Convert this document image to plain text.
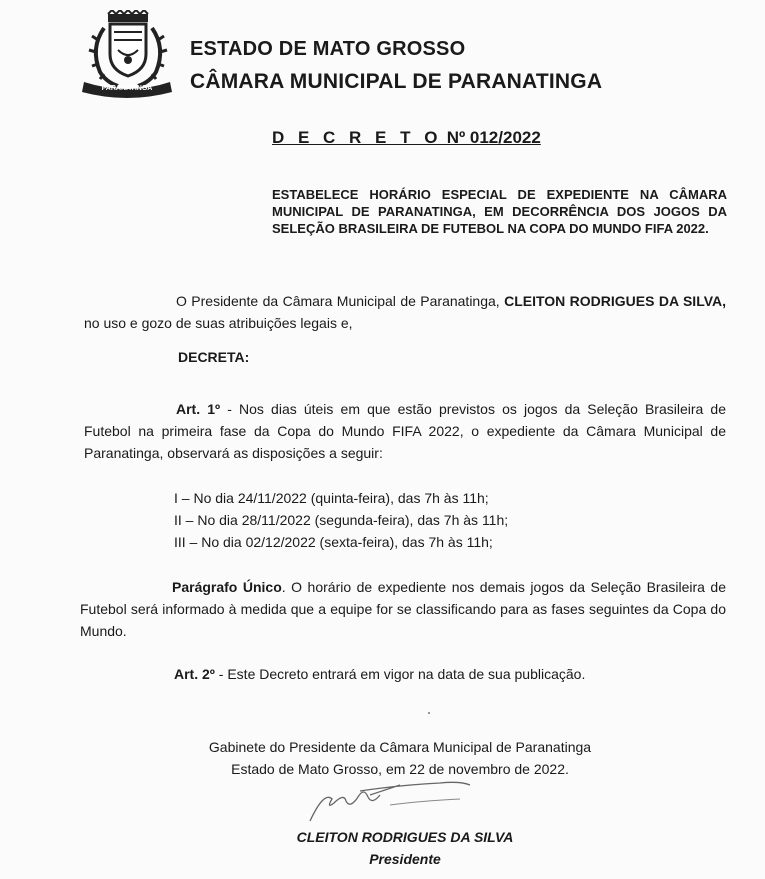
PARANATINGA
ESTADO DE MATO GROSSO
CÂMARA MUNICIPAL DE PARANATINGA
D E C R E T O Nº 012/2022
ESTABELECE HORÁRIO ESPECIAL DE EXPEDIENTE NA CÂMARA MUNICIPAL DE PARANATINGA, EM DECORRÊNCIA DOS JOGOS DA SELEÇÃO BRASILEIRA DE FUTEBOL NA COPA DO MUNDO FIFA 2022.
O Presidente da Câmara Municipal de Paranatinga, CLEITON RODRIGUES DA SILVA, no uso e gozo de suas atribuições legais e,
DECRETA:
Art. 1º - Nos dias úteis em que estão previstos os jogos da Seleção Brasileira de Futebol na primeira fase da Copa do Mundo FIFA 2022, o expediente da Câmara Municipal de Paranatinga, observará as disposições a seguir:
I – No dia 24/11/2022 (quinta-feira), das 7h às 11h;
II – No dia 28/11/2022 (segunda-feira), das 7h às 11h;
III – No dia 02/12/2022 (sexta-feira), das 7h às 11h;
Parágrafo Único. O horário de expediente nos demais jogos da Seleção Brasileira de Futebol será informado à medida que a equipe for se classificando para as fases seguintes da Copa do Mundo.
Art. 2º - Este Decreto entrará em vigor na data de sua publicação.
Gabinete do Presidente da Câmara Municipal de Paranatinga
Estado de Mato Grosso, em 22 de novembro de 2022.
CLEITON RODRIGUES DA SILVA
Presidente
